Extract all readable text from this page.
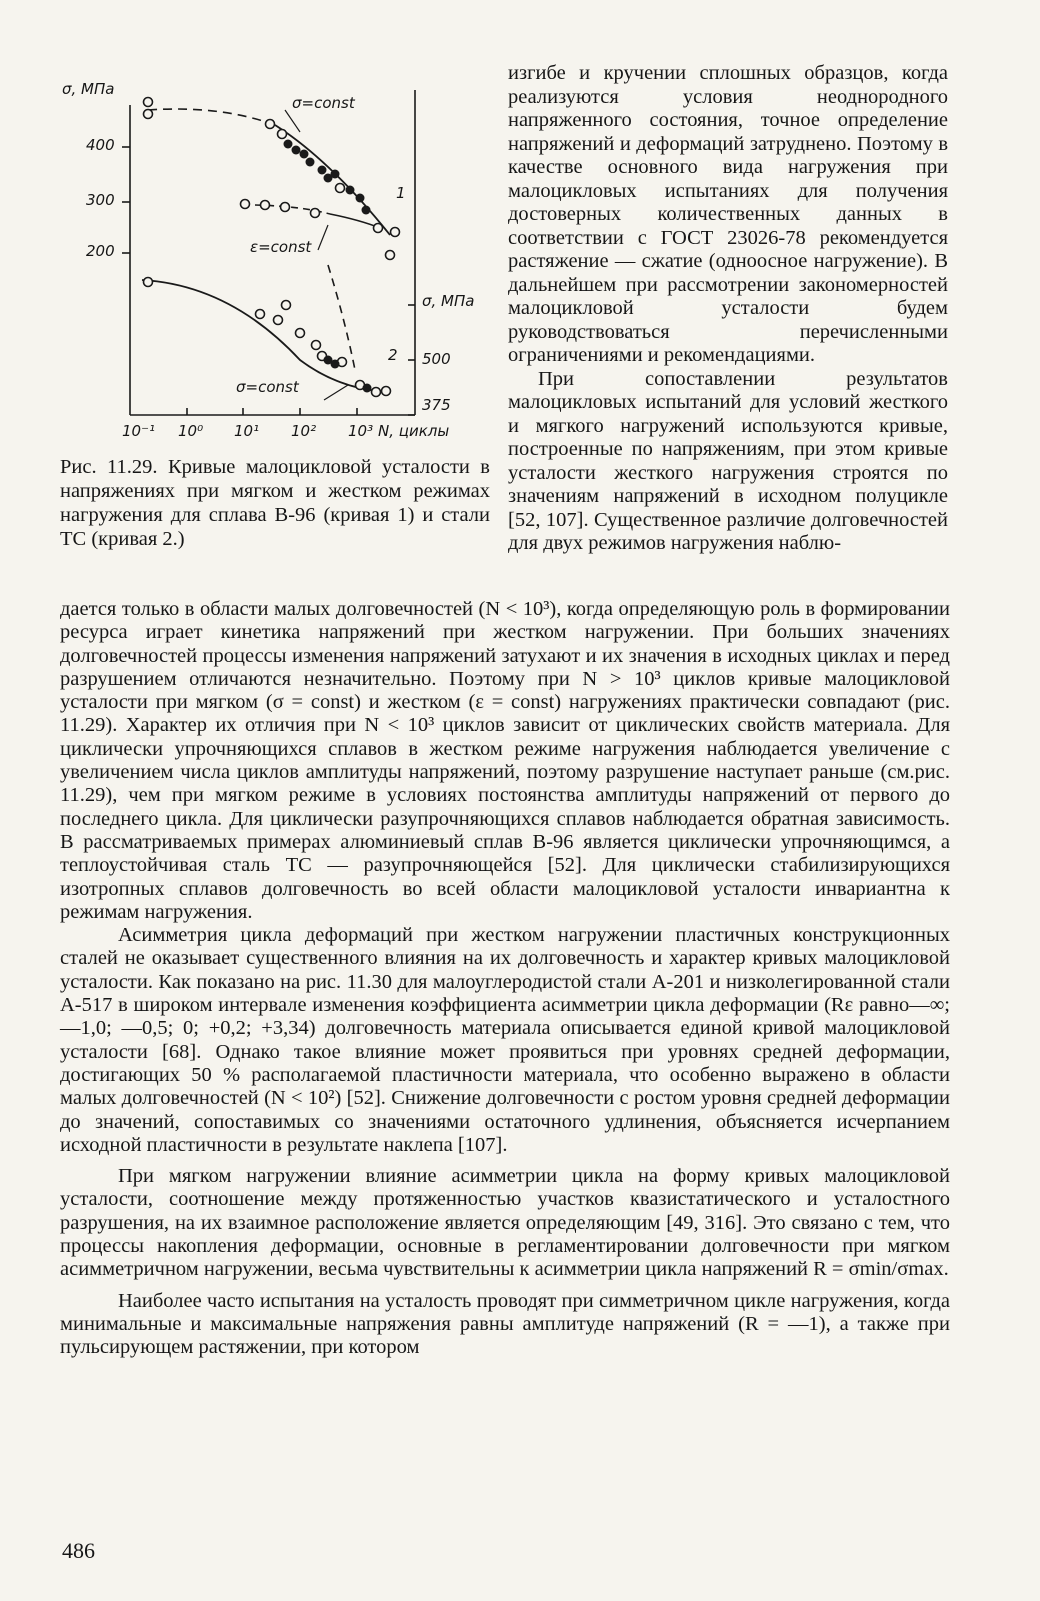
σ, МПа
400
300
200
σ, МПа
500
375
10⁻¹ 10⁰ 10¹ 10² 10³ N, циклы
σ=const
ε=const
σ=const
1
2
Рис. 11.29. Кривые малоцикловой усталости в напряжениях при мягком и жестком режимах нагружения для сплава В-96 (кривая 1) и стали ТС (кривая 2.)

изгибе и кручении сплошных образцов, когда реализуются условия неоднородного напряженного состояния, точное определение напряжений и деформаций затруднено. Поэтому в качестве основного вида нагружения при малоцикловых испытаниях для получения достоверных количественных данных в соответствии с ГОСТ 23026-78 рекомендуется растяжение — сжатие (одноосное нагружение). В дальнейшем при рассмотрении закономерностей малоцикловой усталости будем руководствоваться перечисленными ограничениями и рекомендациями.

При сопоставлении результатов малоцикловых испытаний для условий жесткого и мягкого нагружений используются кривые, построенные по напряжениям, при этом кривые усталости жесткого нагружения строятся по значениям напряжений в исходном полуцикле [52, 107]. Существенное различие долговечностей для двух режимов нагружения наблю-

дается только в области малых долговечностей (N < 10³), когда определяющую роль в формировании ресурса играет кинетика напряжений при жестком нагружении. При больших значениях долговечностей процессы изменения напряжений затухают и их значения в исходных циклах и перед разрушением отличаются незначительно. Поэтому при N > 10³ циклов кривые малоцикловой усталости при мягком (σ = const) и жестком (ε = const) нагружениях практически совпадают (рис. 11.29). Характер их отличия при N < 10³ циклов зависит от циклических свойств материала. Для циклически упрочняющихся сплавов в жестком режиме нагружения наблюдается увеличение с увеличением числа циклов амплитуды напряжений, поэтому разрушение наступает раньше (см.рис. 11.29), чем при мягком режиме в условиях постоянства амплитуды напряжений от первого до последнего цикла. Для циклически разупрочняющихся сплавов наблюдается обратная зависимость. В рассматриваемых примерах алюминиевый сплав В-96 является циклически упрочняющимся, а теплоустойчивая сталь ТС — разупрочняющейся [52]. Для циклически стабилизирующихся изотропных сплавов долговечность во всей области малоцикловой усталости инвариантна к режимам нагружения.

Асимметрия цикла деформаций при жестком нагружении пластичных конструкционных сталей не оказывает существенного влияния на их долговечность и характер кривых малоцикловой усталости. Как показано на рис. 11.30 для малоуглеродистой стали А-201 и низколегированной стали А-517 в широком интервале изменения коэффициента асимметрии цикла деформации (Rε равно—∞; —1,0; —0,5; 0; +0,2; +3,34) долговечность материала описывается единой кривой малоцикловой усталости [68]. Однако такое влияние может проявиться при уровнях средней деформации, достигающих 50 % располагаемой пластичности материала, что особенно выражено в области малых долговечностей (N < 10²) [52]. Снижение долговечности с ростом уровня средней деформации до значений, сопоставимых со значениями остаточного удлинения, объясняется исчерпанием исходной пластичности в результате наклепа [107].

При мягком нагружении влияние асимметрии цикла на форму кривых малоцикловой усталости, соотношение между протяженностью участков квазистатического и усталостного разрушения, на их взаимное расположение является определяющим [49, 316]. Это связано с тем, что процессы накопления деформации, основные в регламентировании долговечности при мягком асимметричном нагружении, весьма чувствительны к асимметрии цикла напряжений R = σmin/σmax.

Наиболее часто испытания на усталость проводят при симметричном цикле нагружения, когда минимальные и максимальные напряжения равны амплитуде напряжений (R = —1), а также при пульсирующем растяжении, при котором

486
